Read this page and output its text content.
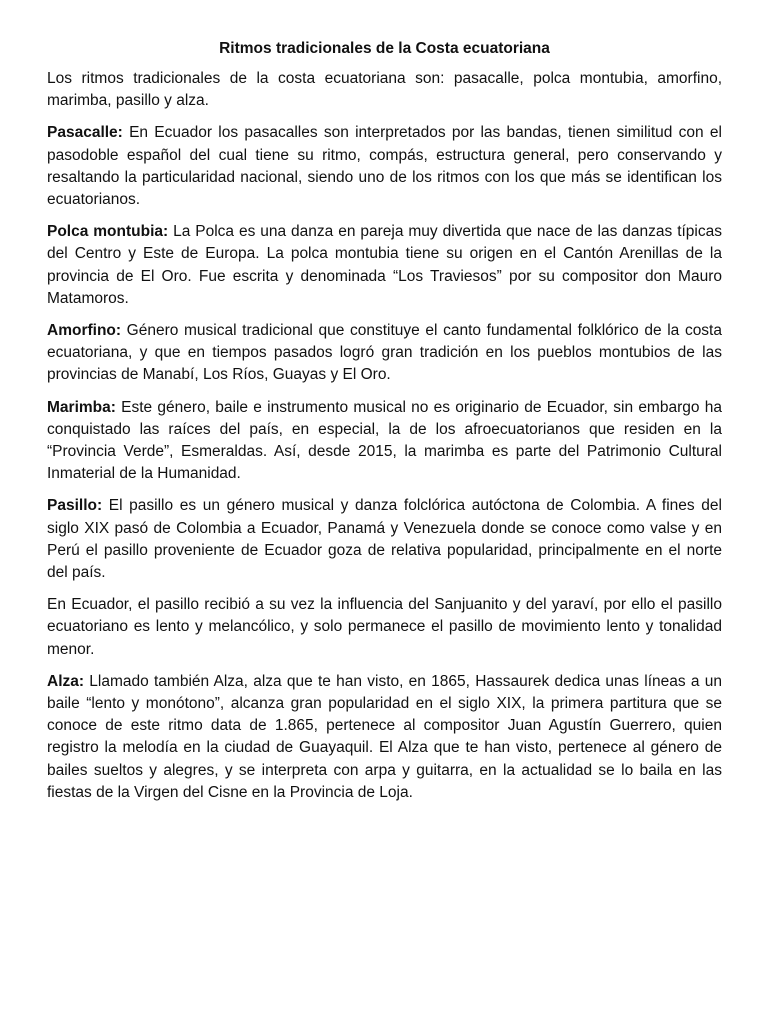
Ritmos tradicionales de la Costa ecuatoriana

Los ritmos tradicionales de la costa ecuatoriana son: pasacalle, polca montubia, amorfino, marimba, pasillo y alza.

Pasacalle: En Ecuador los pasacalles son interpretados por las bandas, tienen similitud con el pasodoble español del cual tiene su ritmo, compás, estructura general, pero conservando y resaltando la particularidad nacional, siendo uno de los ritmos con los que más se identifican los ecuatorianos.

Polca montubia: La Polca es una danza en pareja muy divertida que nace de las danzas típicas del Centro y Este de Europa. La polca montubia tiene su origen en el Cantón Arenillas de la provincia de El Oro. Fue escrita y denominada “Los Traviesos” por su compositor don Mauro Matamoros.

Amorfino: Género musical tradicional que constituye el canto fundamental folklórico de la costa ecuatoriana, y que en tiempos pasados logró gran tradición en los pueblos montubios de las provincias de Manabí, Los Ríos, Guayas y El Oro.

Marimba: Este género, baile e instrumento musical no es originario de Ecuador, sin embargo ha conquistado las raíces del país, en especial, la de los afroecuatorianos que residen en la “Provincia Verde”, Esmeraldas. Así, desde 2015, la marimba es parte del Patrimonio Cultural Inmaterial de la Humanidad.

Pasillo: El pasillo es un género musical y danza folclórica autóctona de Colombia. A fines del siglo XIX pasó de Colombia a Ecuador, Panamá y Venezuela donde se conoce como valse y en Perú el pasillo proveniente de Ecuador goza de relativa popularidad, principalmente en el norte del país.

En Ecuador, el pasillo recibió a su vez la influencia del Sanjuanito y del yaraví, por ello el pasillo ecuatoriano es lento y melancólico, y solo permanece el pasillo de movimiento lento y tonalidad menor.

Alza: Llamado también Alza, alza que te han visto, en 1865, Hassaurek dedica unas líneas a un baile “lento y monótono”, alcanza gran popularidad en el siglo XIX, la primera partitura que se conoce de este ritmo data de 1.865, pertenece al compositor Juan Agustín Guerrero, quien registro la melodía en la ciudad de Guayaquil. El Alza que te han visto, pertenece al género de bailes sueltos y alegres, y se interpreta con arpa y guitarra, en la actualidad se lo baila en las fiestas de la Virgen del Cisne en la Provincia de Loja.
